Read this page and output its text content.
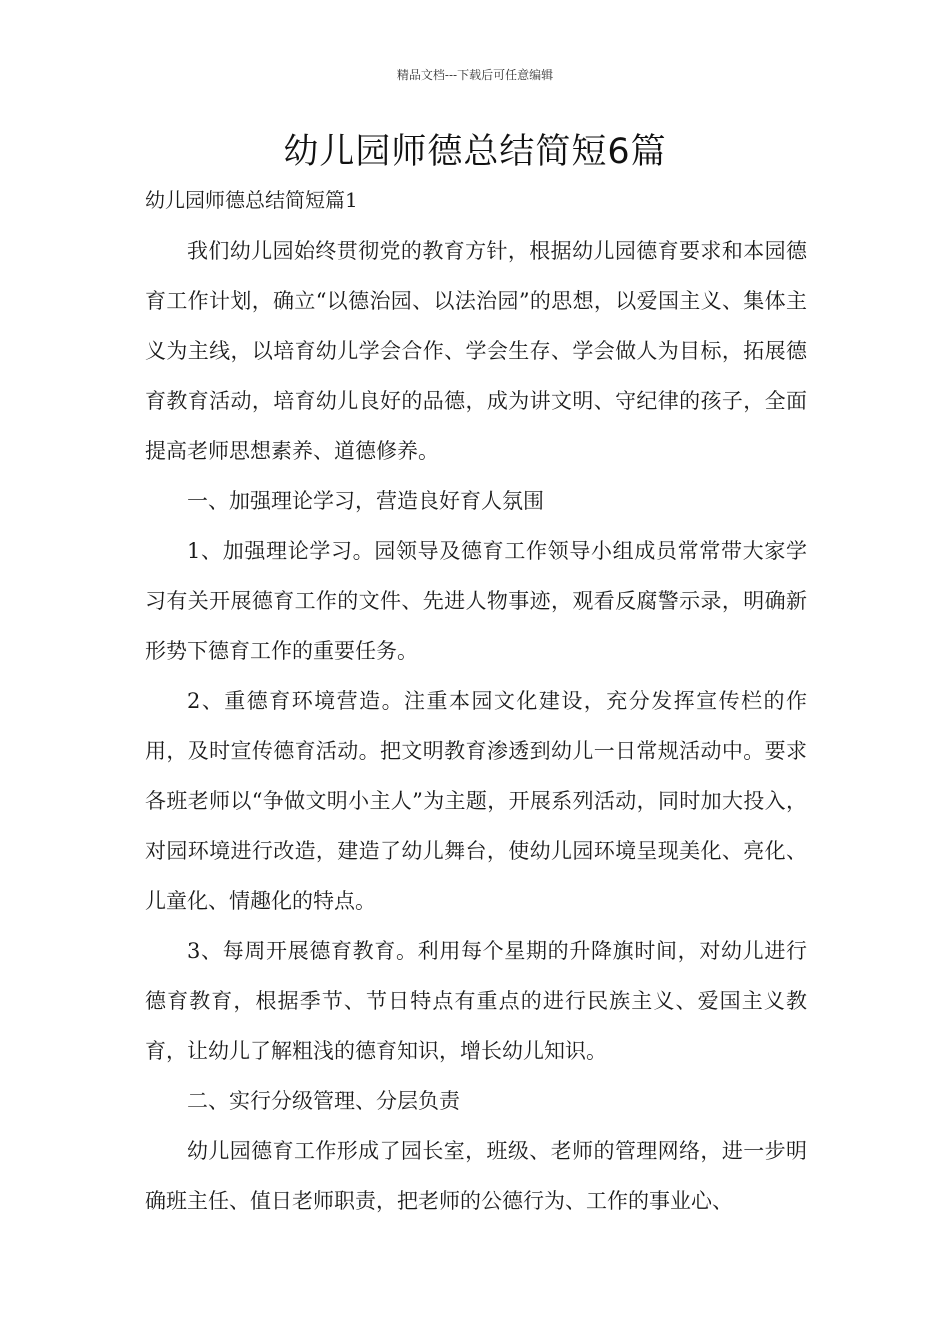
精品文档---下载后可任意编辑
幼儿园师德总结简短6篇
幼儿园师德总结简短篇1

我们幼儿园始终贯彻党的教育方针，根据幼儿园德育要求和本园德育工作计划，确立“以德治园、以法治园”的思想，以爱国主义、集体主义为主线，以培育幼儿学会合作、学会生存、学会做人为目标，拓展德育教育活动，培育幼儿良好的品德，成为讲文明、守纪律的孩子，全面提高老师思想素养、道德修养。

一、加强理论学习，营造良好育人氛围

1、加强理论学习。园领导及德育工作领导小组成员常常带大家学习有关开展德育工作的文件、先进人物事迹，观看反腐警示录，明确新形势下德育工作的重要任务。

2、重德育环境营造。注重本园文化建设，充分发挥宣传栏的作用，及时宣传德育活动。把文明教育渗透到幼儿一日常规活动中。要求各班老师以“争做文明小主人”为主题，开展系列活动，同时加大投入，对园环境进行改造，建造了幼儿舞台，使幼儿园环境呈现美化、亮化、儿童化、情趣化的特点。

3、每周开展德育教育。利用每个星期的升降旗时间，对幼儿进行德育教育，根据季节、节日特点有重点的进行民族主义、爱国主义教育，让幼儿了解粗浅的德育知识，增长幼儿知识。

二、实行分级管理、分层负责

幼儿园德育工作形成了园长室，班级、老师的管理网络，进一步明确班主任、值日老师职责，把老师的公德行为、工作的事业心、
